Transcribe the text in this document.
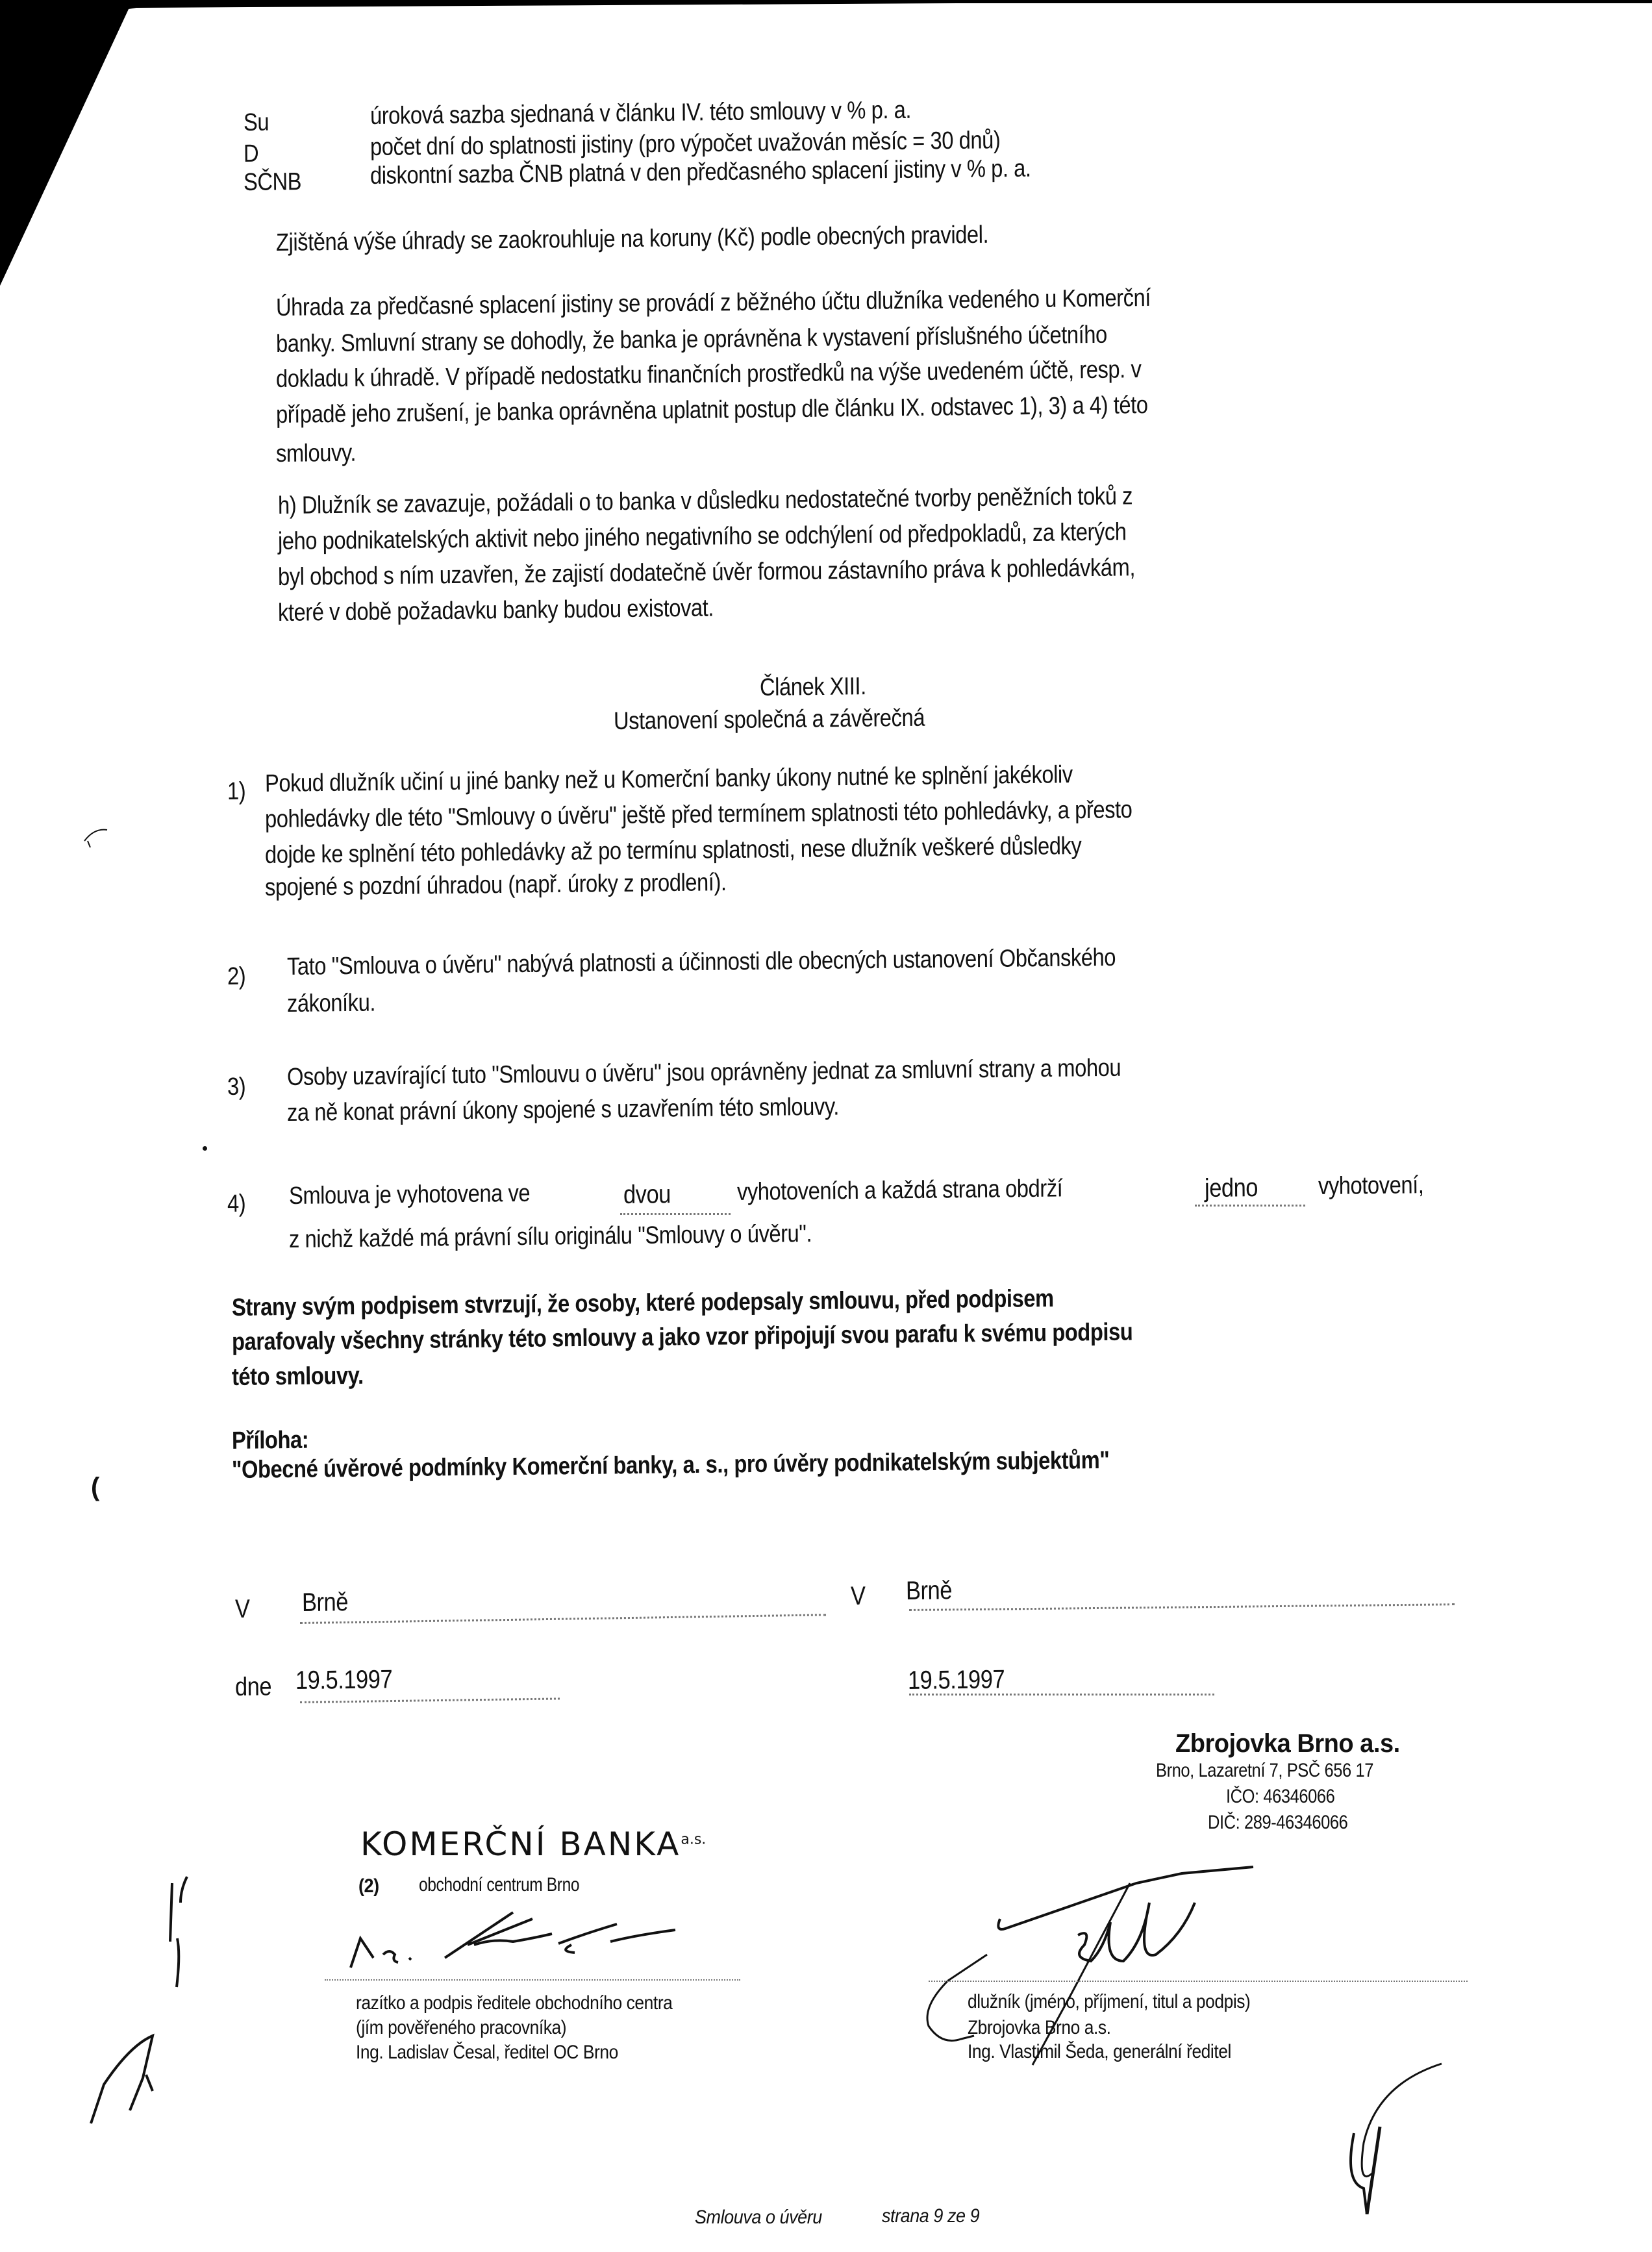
Su	úroková sazba sjednaná v článku IV. této smlouvy v % p. a.
D	počet dní do splatnosti jistiny (pro výpočet uvažován měsíc = 30 dnů)
SČNB	diskontní sazba ČNB platná v den předčasného splacení jistiny v % p. a.
Zjištěná výše úhrady se zaokrouhluje na koruny (Kč) podle obecných pravidel.
Úhrada za předčasné splacení jistiny se provádí z běžného účtu dlužníka vedeného u Komerční
banky. Smluvní strany se dohodly, že banka je oprávněna k vystavení příslušného účetního
dokladu k úhradě. V případě nedostatku finančních prostředků na výše uvedeném účtě, resp. v
případě jeho zrušení, je banka oprávněna uplatnit postup dle článku IX. odstavec 1), 3) a 4) této
smlouvy.
h) Dlužník se zavazuje, požádali o to banka v důsledku nedostatečné tvorby peněžních toků z
jeho podnikatelských aktivit nebo jiného negativního se odchýlení od předpokladů, za kterých
byl obchod s ním uzavřen, že zajistí dodatečně úvěr formou zástavního práva k pohledávkám,
které v době požadavku banky budou existovat.
Článek XIII.
Ustanovení společná a závěrečná
1) Pokud dlužník učiní u jiné banky než u Komerční banky úkony nutné ke splnění jakékoliv
pohledávky dle této "Smlouvy o úvěru" ještě před termínem splatnosti této pohledávky, a přesto
dojde ke splnění této pohledávky až po termínu splatnosti, nese dlužník veškeré důsledky
spojené s pozdní úhradou (např. úroky z prodlení).
2) Tato "Smlouva o úvěru" nabývá platnosti a účinnosti dle obecných ustanovení Občanského
zákoníku.
3) Osoby uzavírající tuto "Smlouvu o úvěru" jsou oprávněny jednat za smluvní strany a mohou
za ně konat právní úkony spojené s uzavřením této smlouvy.
4) Smlouva je vyhotovena ve	dvou	vyhotoveních a každá strana obdrží	jedno vyhotovení,
z nichž každé má právní sílu originálu "Smlouvy o úvěru".
Strany svým podpisem stvrzují, že osoby, které podepsaly smlouvu, před podpisem
parafovaly všechny stránky této smlouvy a jako vzor připojují svou parafu k svému podpisu
této smlouvy.
Příloha:
"Obecné úvěrové podmínky Komerční banky, a. s., pro úvěry podnikatelským subjektům"
V Brně
dne 19.5.1997
V Brně
19.5.1997
Zbrojovka Brno a.s.
Brno, Lazaretní 7, PSČ 656 17
IČO: 46346066
DIČ: 289-46346066
KOMERČNÍ $BANKA^{a.s.}$
(2) obchodní centrum Brno
razítko a podpis ředitele obchodního centra
(jím pověřeného pracovníka)
Ing. Ladislav Česal, ředitel OC Brno
dlužník (jméno, příjmení, titul a podpis)
Zbrojovka Brno a.s.
Ing. Vlastimil Šeda, generální ředitel
(
Smlouva o úvěru	strana 9 ze 9
